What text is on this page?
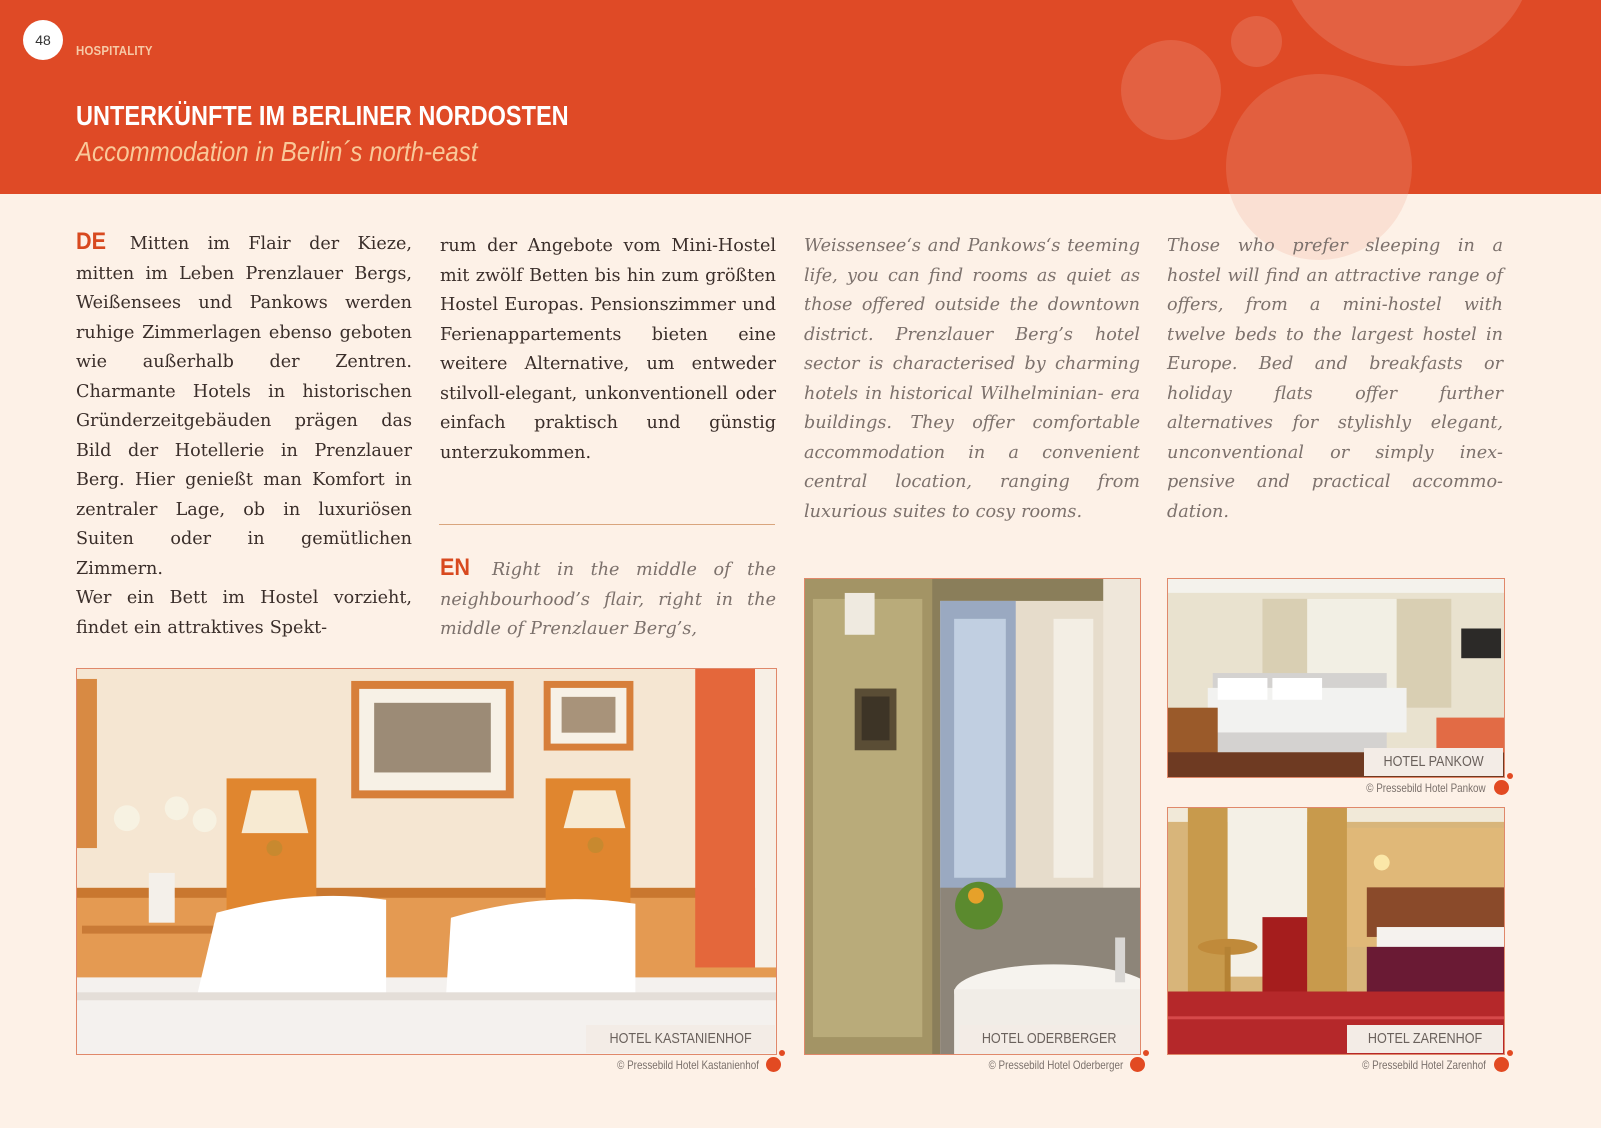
48
HOSPITALITY
UNTERKÜNFTE IM BERLINER NORDOSTEN
Accommodation in Berlin´s north-east

DE Mitten im Flair der Kieze, mitten im Leben Prenzlauer Bergs, Weißensees und Pankows werden ruhige Zimmerlagen ebenso geboten wie außerhalb der Zentren. Charmante Hotels in historischen Gründerzeitgebäuden prägen das Bild der Hotellerie in Prenzlauer Berg. Hier genießt man Komfort in zentraler Lage, ob in luxuriösen Suiten oder in gemütlichen Zimmern.

Wer ein Bett im Hostel vorzieht, findet ein attraktives Spekt-

rum der Angebote vom Mini-Hostel mit zwölf Betten bis hin zum größten Hostel Europas. Pensionszimmer und Ferienappartements bieten eine weitere Alternative, um entweder stilvoll-elegant, unkonventionell oder einfach praktisch und günstig unterzukommen.
EN Right in the middle of the neighbourhood’s flair, right in the middle of Prenzlauer Berg’s,
Weissensee‘s and Pankows‘s teeming life, you can find rooms as quiet as those offered outside the downtown district. Prenzlauer Berg’s hotel sector is characterised by charming hotels in historical Wilhelminian- era buildings. They offer comfortable accommodation in a convenient central location, ranging from luxurious suites to cosy rooms.
Those who prefer sleeping in a hostel will find an attractive range of offers, from a mini-hostel with twelve beds to the largest hostel in Europe. Bed and breakfasts or holiday flats offer further alternatives for stylishly elegant, unconventional or simply inexpensive and practical accommodation.
HOTEL KASTANIENHOF
© Pressebild Hotel Kastanienhof
HOTEL ODERBERGER
© Pressebild Hotel Oderberger
HOTEL PANKOW
© Pressebild Hotel Pankow
HOTEL ZARENHOF
© Pressebild Hotel Zarenhof
